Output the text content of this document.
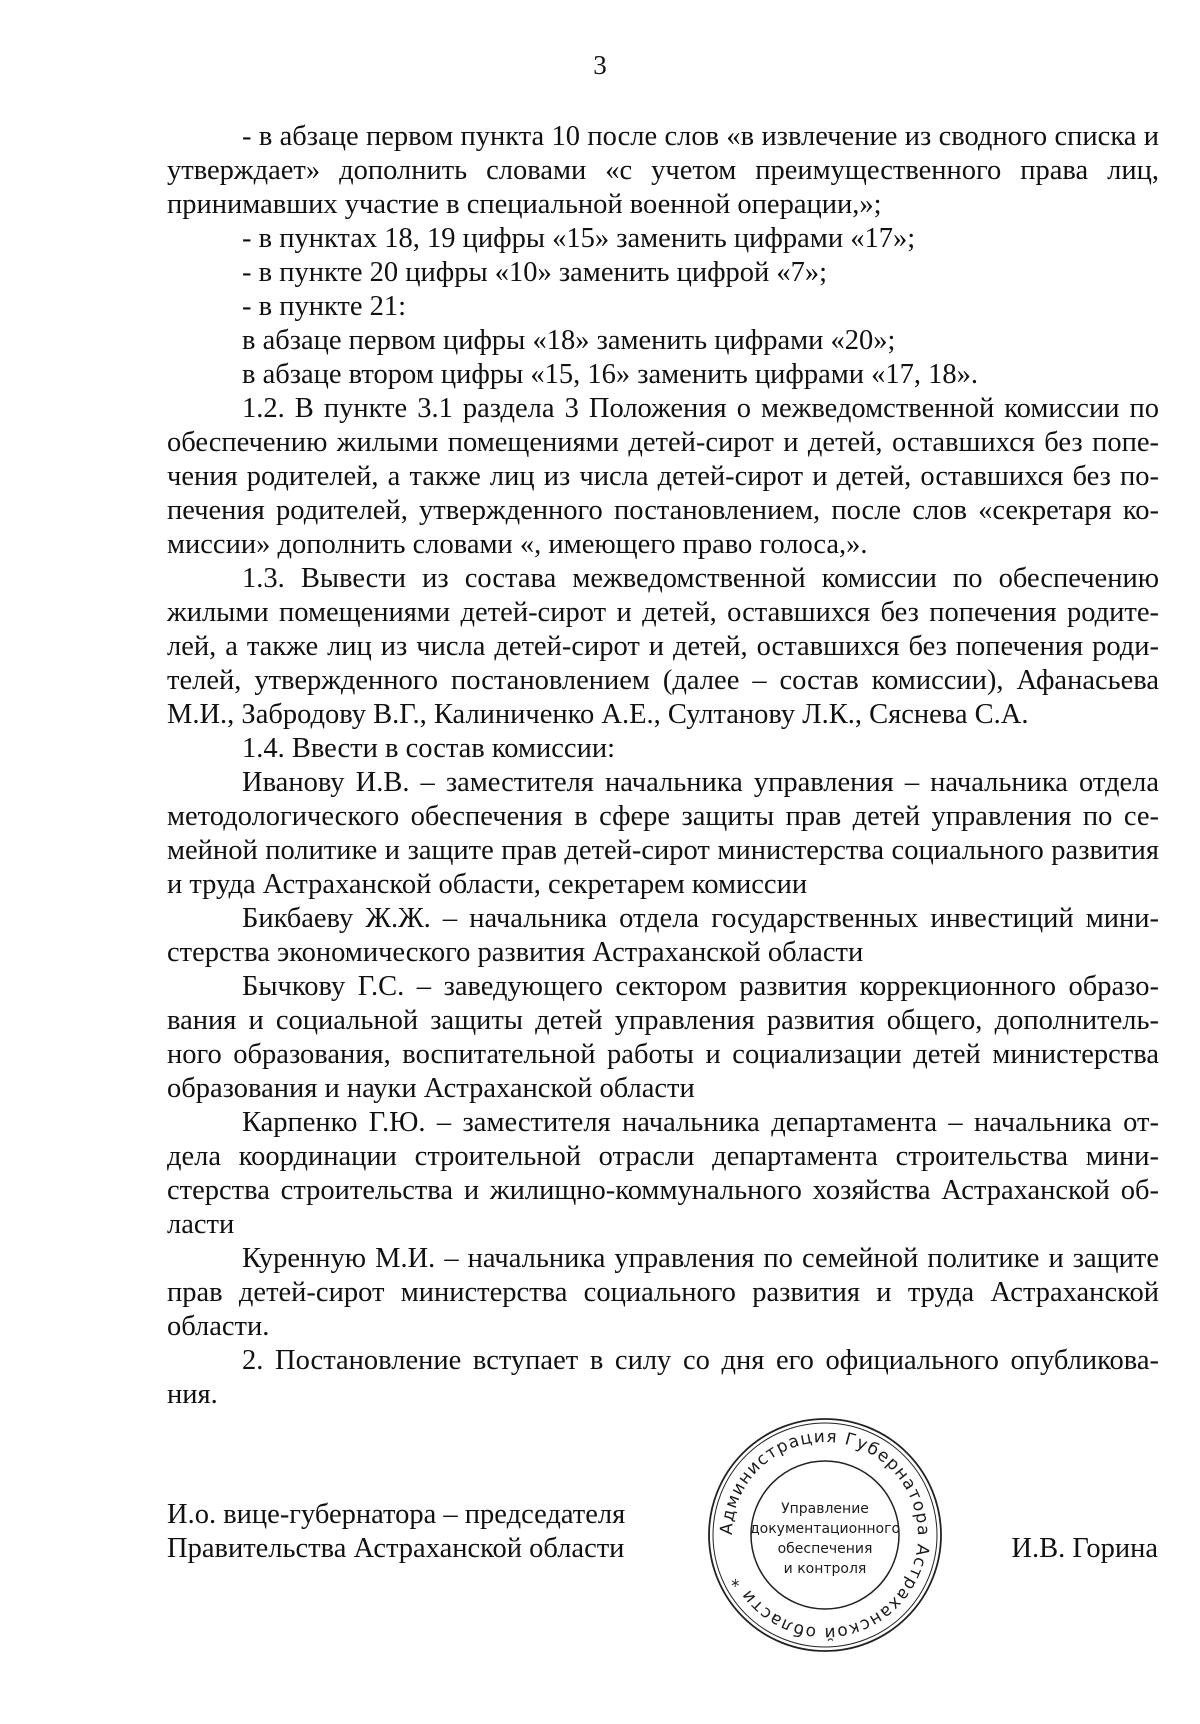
3

- в абзаце первом пункта 10 после слов «в извлечение из сводного списка и утверждает» дополнить словами «с учетом преимущественного права лиц, принимавших участие в специальной военной операции,»;

- в пунктах 18, 19 цифры «15» заменить цифрами «17»;

- в пункте 20 цифры «10» заменить цифрой «7»;

- в пункте 21:

в абзаце первом цифры «18» заменить цифрами «20»;

в абзаце втором цифры «15, 16» заменить цифрами «17, 18».

1.2. В пункте 3.1 раздела 3 Положения о межведомственной комиссии по обеспечению жилыми помещениями детей-сирот и детей, оставшихся без попечения родителей, а также лиц из числа детей-сирот и детей, оставшихся без попечения родителей, утвержденного постановлением, после слов «секретаря комиссии» дополнить словами «, имеющего право голоса,».

1.3. Вывести из состава межведомственной комиссии по обеспечению жилыми помещениями детей-сирот и детей, оставшихся без попечения родителей, а также лиц из числа детей-сирот и детей, оставшихся без попечения родителей, утвержденного постановлением (далее – состав комиссии), Афанасьева М.И., Забродову В.Г., Калиниченко А.Е., Султанову Л.К., Сяснева С.А.

1.4. Ввести в состав комиссии:

Иванову И.В. – заместителя начальника управления – начальника отдела методологического обеспечения в сфере защиты прав детей управления по семейной политике и защите прав детей-сирот министерства социального развития и труда Астраханской области, секретарем комиссии

Бикбаеву Ж.Ж. – начальника отдела государственных инвестиций министерства экономического развития Астраханской области

Бычкову Г.С. – заведующего сектором развития коррекционного образования и социальной защиты детей управления развития общего, дополнительного образования, воспитательной работы и социализации детей министерства образования и науки Астраханской области

Карпенко Г.Ю. – заместителя начальника департамента – начальника отдела координации строительной отрасли департамента строительства министерства строительства и жилищно-коммунального хозяйства Астраханской области

Куренную М.И. – начальника управления по семейной политике и защите прав детей-сирот министерства социального развития и труда Астраханской области.

2. Постановление вступает в силу со дня его официального опубликования.

И.о. вице-губернатора – председателя
Правительства Астраханской области
Администрация Губернатора Астраханской области *
Управление
документационного
обеспечения
и контроля
И.В. Горина
